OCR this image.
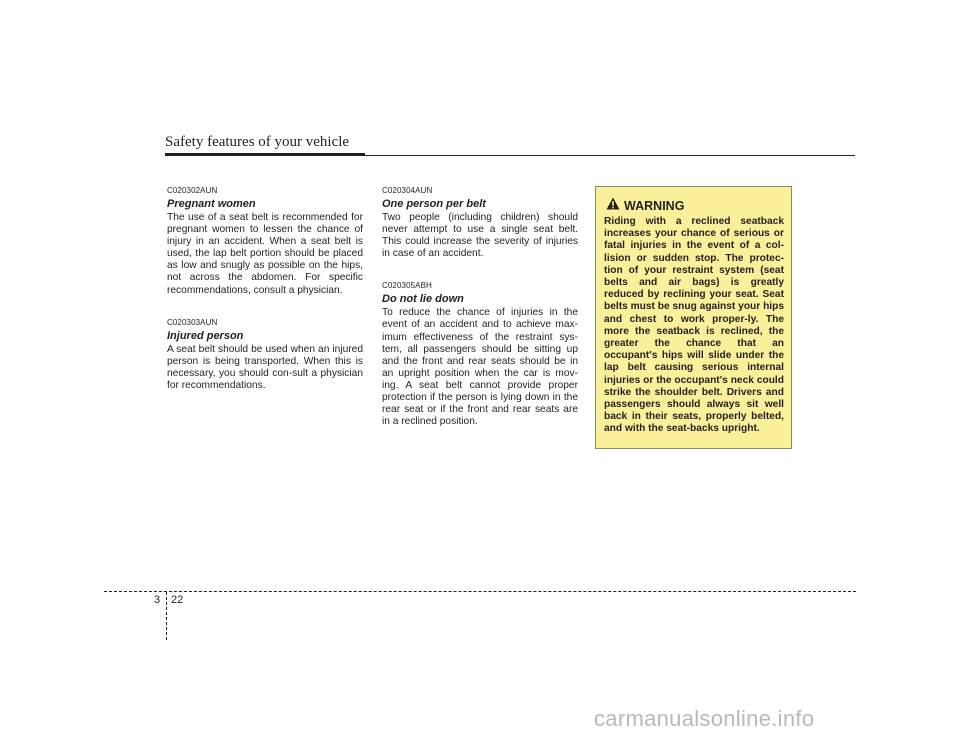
Safety features of your vehicle
C020302AUN
Pregnant women
The use of a seat belt is recommended for pregnant women to lessen the chance of injury in an accident. When a seat belt is used, the lap belt portion should be placed as low and snugly as possible on the hips, not across the abdomen. For specific recommendations, consult a physician.
C020303AUN
Injured person
A seat belt should be used when an injured person is being transported. When this is necessary, you should con-sult a physician for recommendations.
C020304AUN
One person per belt
Two people (including children) should never attempt to use a single seat belt. This could increase the severity of injuries in case of an accident.
C020305ABH
Do not lie down
To reduce the chance of injuries in the event of an accident and to achieve max-imum effectiveness of the restraint sys-tem, all passengers should be sitting up and the front and rear seats should be in an upright position when the car is mov-ing. A seat belt cannot provide proper protection if the person is lying down in the rear seat or if the front and rear seats are in a reclined position.
WARNING
Riding with a reclined seatback increases your chance of serious or fatal injuries in the event of a col-lision or sudden stop. The protec-tion of your restraint system (seat belts and air bags) is greatly reduced by reclining your seat. Seat belts must be snug against your hips and chest to work proper-ly. The more the seatback is reclined, the greater the chance that an occupant's hips will slide under the lap belt causing serious internal injuries or the occupant's neck could strike the shoulder belt. Drivers and passengers should always sit well back in their seats, properly belted, and with the seat-backs upright.
3 22
carmanualsonline.info
